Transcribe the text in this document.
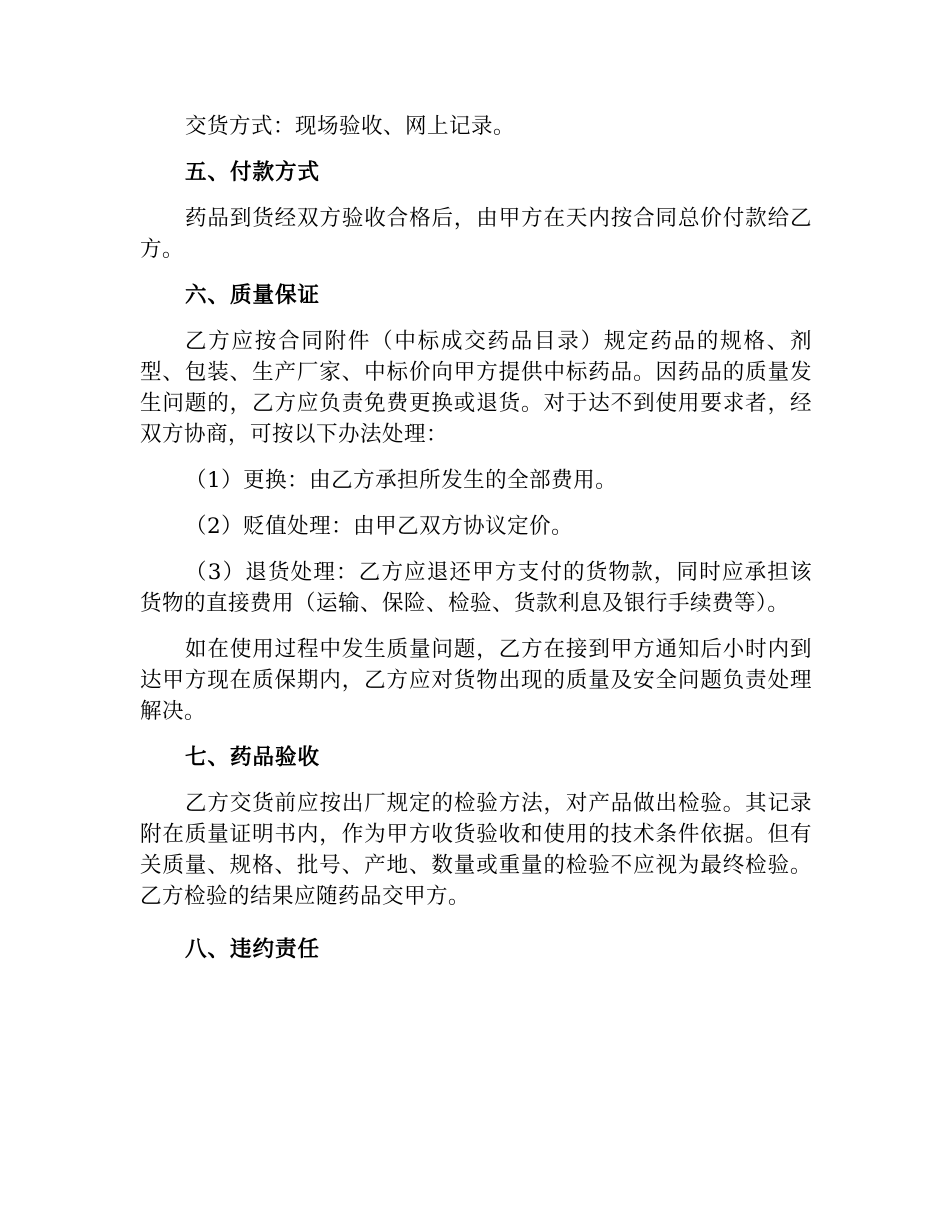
交货方式：现场验收、网上记录。

五、付款方式

药品到货经双方验收合格后，由甲方在天内按合同总价付款给乙方。

六、质量保证

乙方应按合同附件（中标成交药品目录）规定药品的规格、剂型、包装、生产厂家、中标价向甲方提供中标药品。因药品的质量发生问题的，乙方应负责免费更换或退货。对于达不到使用要求者，经双方协商，可按以下办法处理：

（1）更换：由乙方承担所发生的全部费用。

（2）贬值处理：由甲乙双方协议定价。

（3）退货处理：乙方应退还甲方支付的货物款，同时应承担该货物的直接费用（运输、保险、检验、货款利息及银行手续费等）。

如在使用过程中发生质量问题，乙方在接到甲方通知后小时内到达甲方现在质保期内，乙方应对货物出现的质量及安全问题负责处理解决。

七、药品验收

乙方交货前应按出厂规定的检验方法，对产品做出检验。其记录附在质量证明书内，作为甲方收货验收和使用的技术条件依据。但有关质量、规格、批号、产地、数量或重量的检验不应视为最终检验。乙方检验的结果应随药品交甲方。

八、违约责任
